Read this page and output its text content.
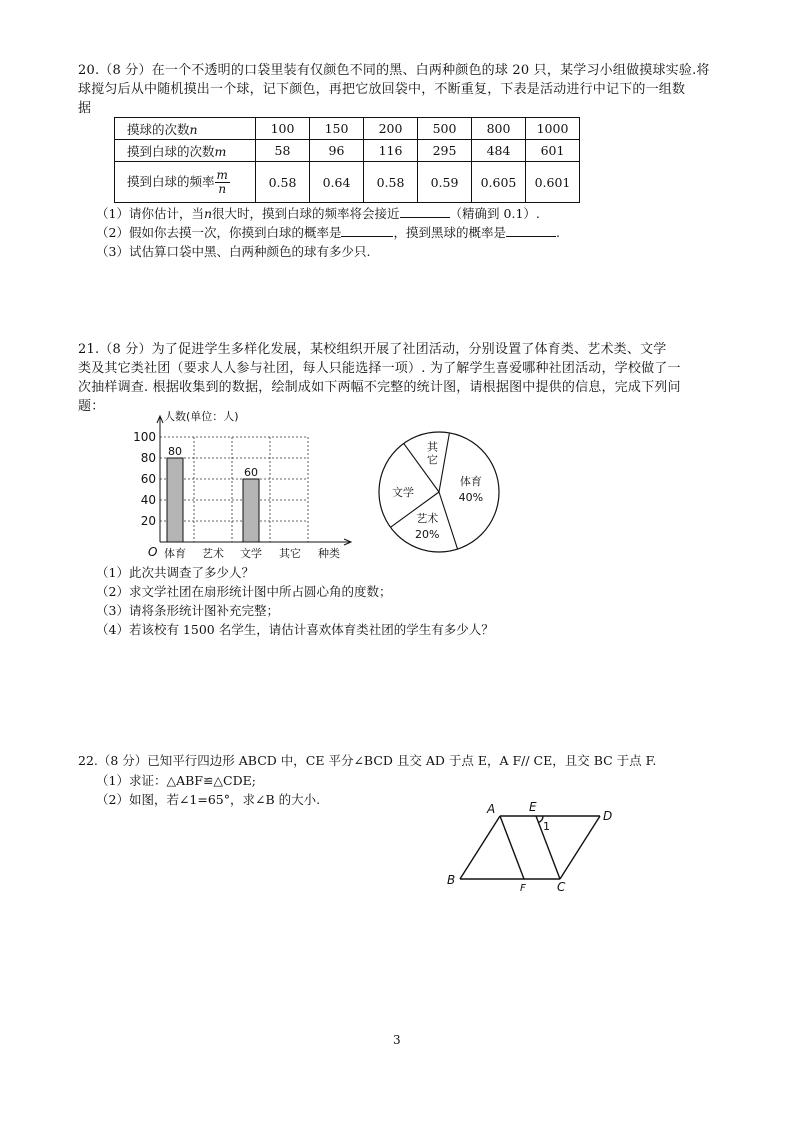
20.（8 分）在一个不透明的口袋里装有仅颜色不同的黑、白两种颜色的球 20 只，某学习小组做摸球实验.将
球搅匀后从中随机摸出一个球，记下颜色，再把它放回袋中，不断重复，下表是活动进行中记下的一组数
据
摸球的次数n	100	150	200	500	800	1000
摸到白球的次数m	58	96	116	295	484	601
摸到白球的频率 $\frac{m}{n}$	0.58	0.64	0.58	0.59	0.605	0.601
（1）请你估计，当n很大时，摸到白球的频率将会接近	（精确到 0.1）.
（2）假如你去摸一次，你摸到白球的概率是	，摸到黑球的概率是	.
（3）试估算口袋中黑、白两种颜色的球有多少只.
21.（8 分）为了促进学生多样化发展，某校组织开展了社团活动，分别设置了体育类、艺术类、文学
类及其它类社团（要求人人参与社团，每人只能选择一项）. 为了解学生喜爱哪种社团活动，学校做了一
次抽样调查. 根据收集到的数据，绘制成如下两幅不完整的统计图，请根据图中提供的信息，完成下列问
题：
20
40
60
80
100
人数(单位：人)
种类
O
80
体育 艺术
60
文学 其它
体育
40%
艺术
20%
文学
其它
（1）此次共调查了多少人？
（2）求文学社团在扇形统计图中所占圆心角的度数；
（3）请将条形统计图补充完整；
（4）若该校有 1500 名学生，请估计喜欢体育类社团的学生有多少人？
22.（8 分）已知平行四边形 ABCD 中，CE 平分∠BCD 且交 AD 于点 E，A F// CE，且交 BC 于点 F.
（1）求证：△ABF≌△CDE;
（2）如图，若∠1=65°，求∠B 的大小.
A	E
D
B
F	C
1
3
